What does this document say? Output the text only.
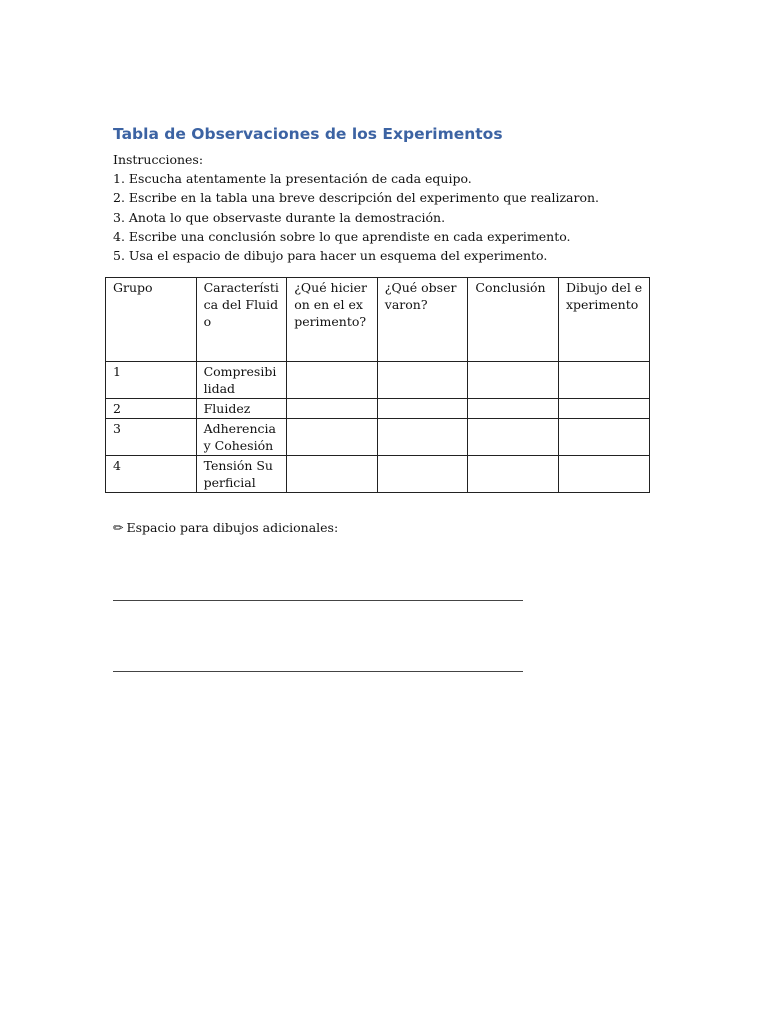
Tabla de Observaciones de los Experimentos
Instrucciones:
1. Escucha atentamente la presentación de cada equipo.
2. Escribe en la tabla una breve descripción del experimento que realizaron.
3. Anota lo que observaste durante la demostración.
4. Escribe una conclusión sobre lo que aprendiste en cada experimento.
5. Usa el espacio de dibujo para hacer un esquema del experimento.
Grupo	Característica del Fluido	¿Qué hicieron en el experimento?	¿Qué observaron?	Conclusión	Dibujo del experimento
1	Compresibilidad				
2	Fluidez				
3	Adherencia y Cohesión				
4	Tensión Superficial				
✏ Espacio para dibujos adicionales:
